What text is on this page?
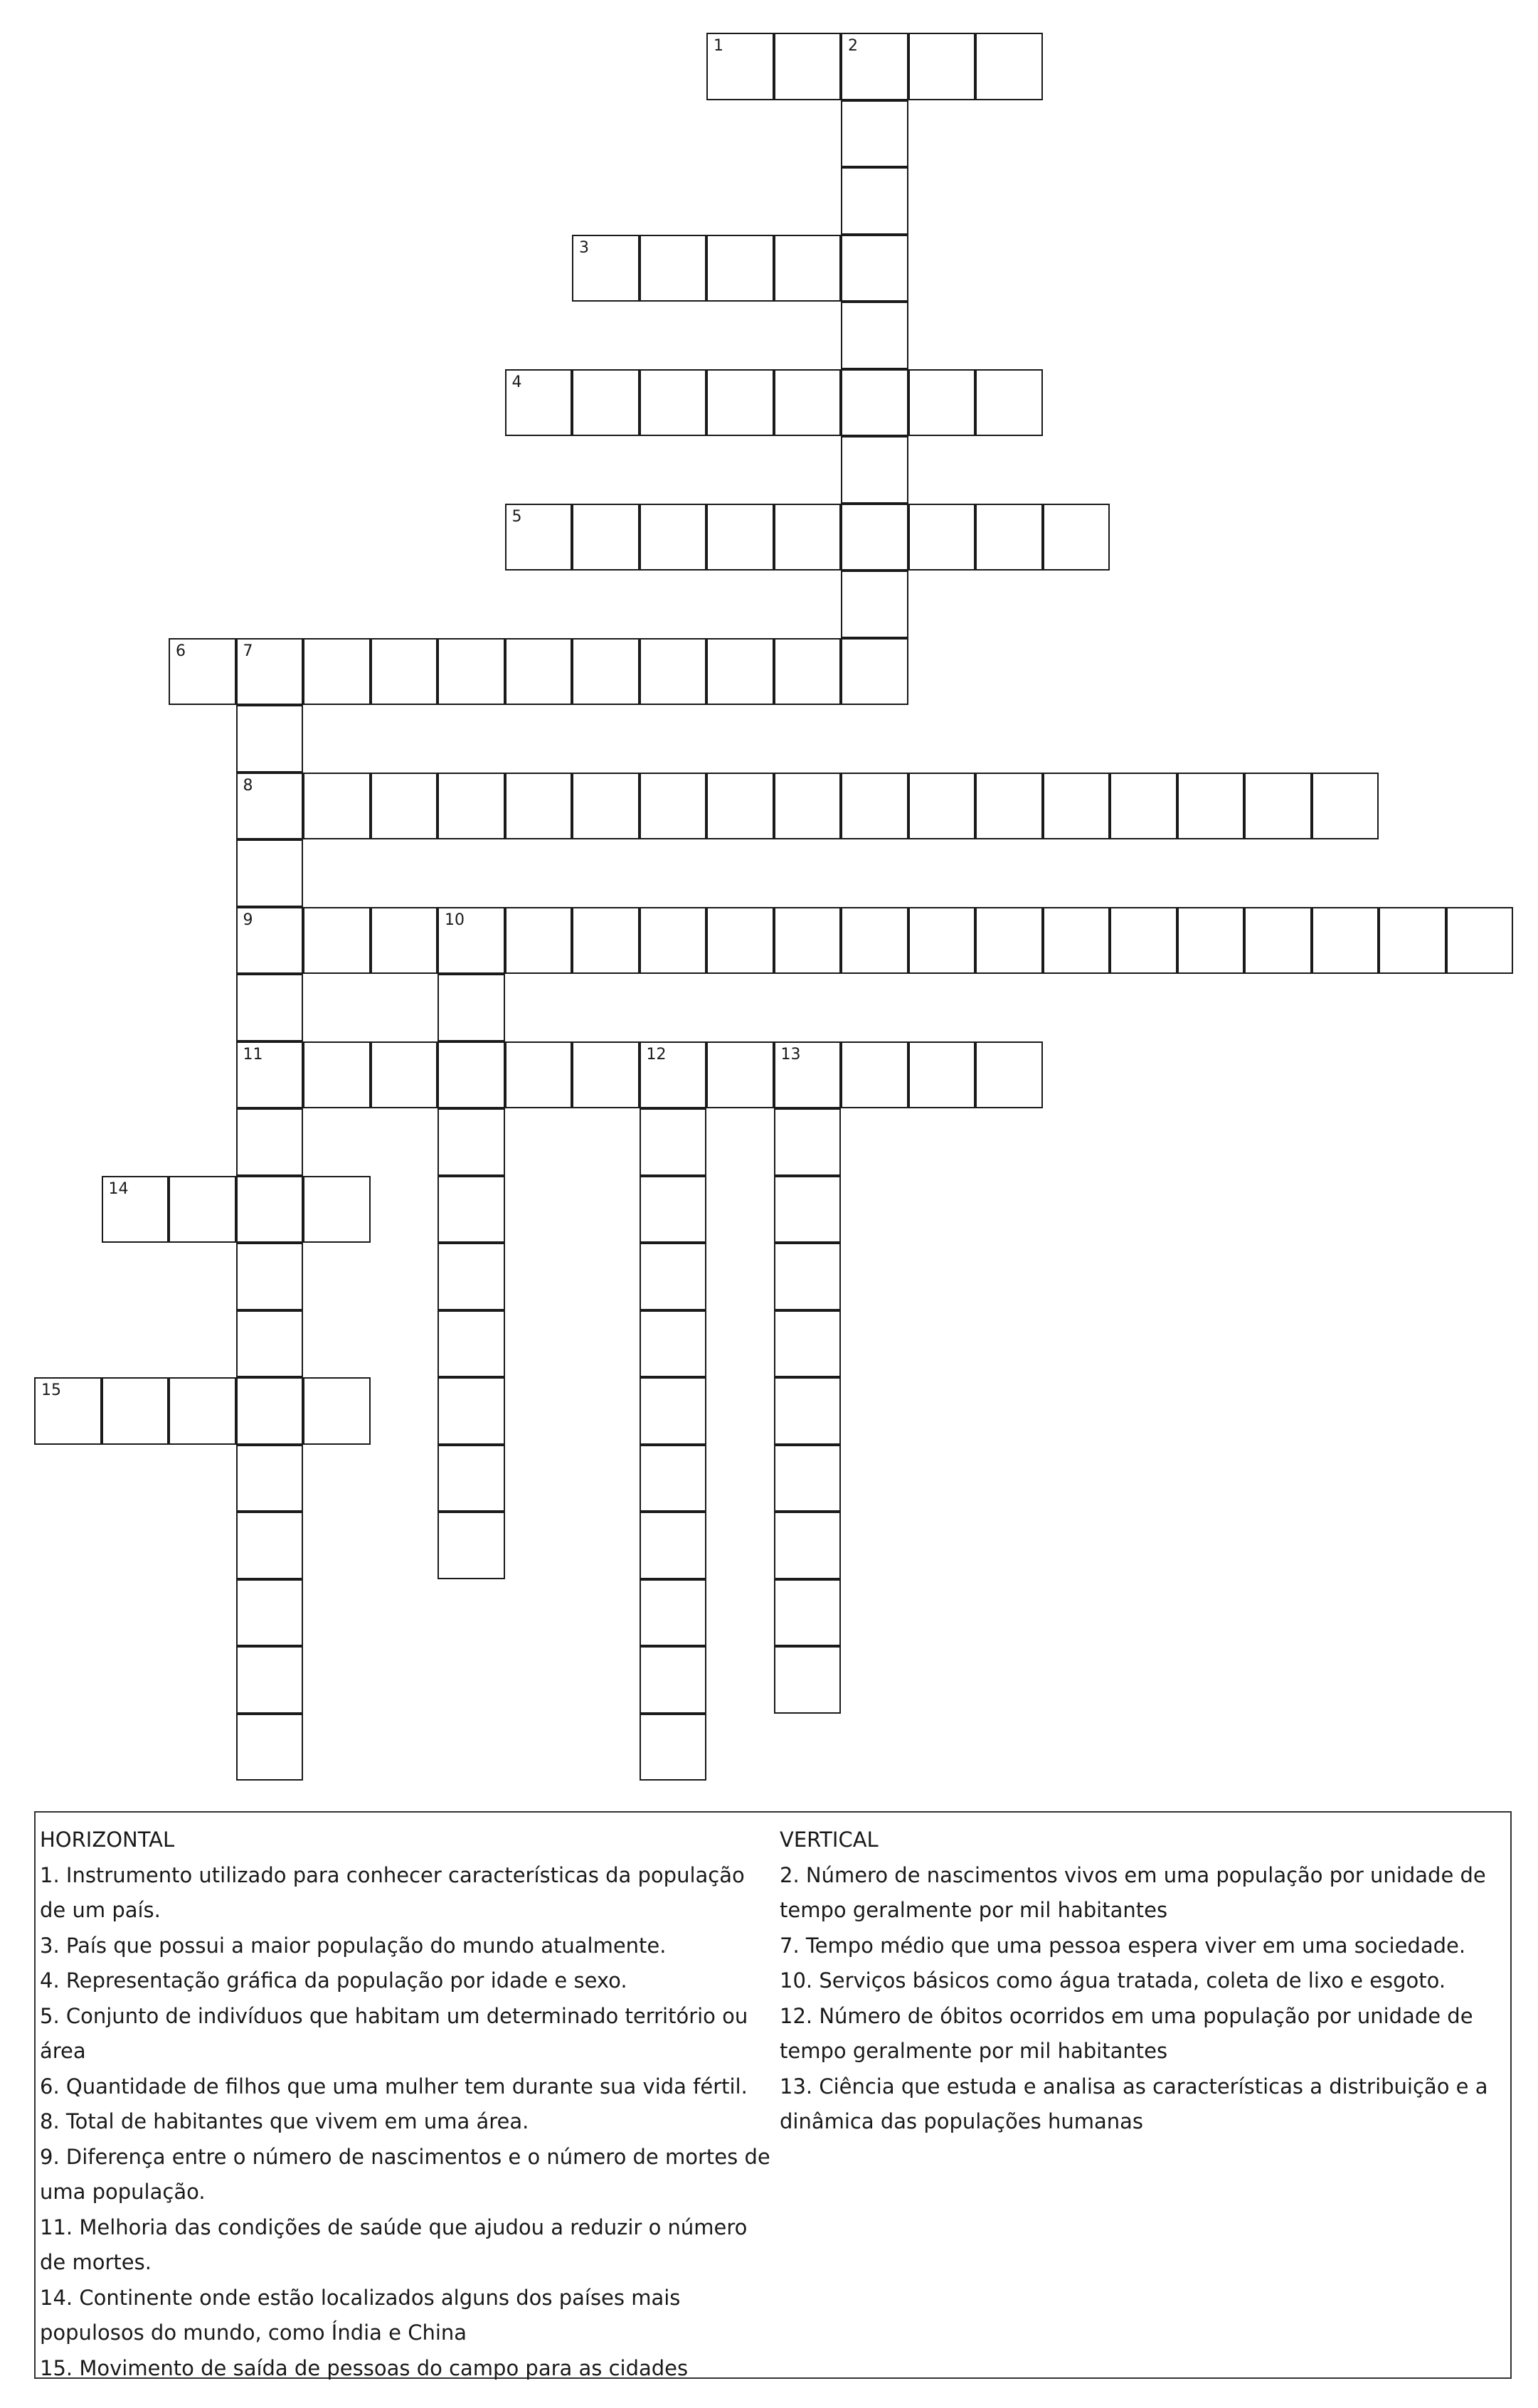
1	2
3
4
5
6	7
8
9
11
10
12	13
14
15
HORIZONTAL
1. Instrumento utilizado para conhecer características da população de um país.
3. País que possui a maior população do mundo atualmente.
4. Representação gráfica da população por idade e sexo.
5. Conjunto de indivíduos que habitam um determinado território ou área
6. Quantidade de filhos que uma mulher tem durante sua vida fértil.
8. Total de habitantes que vivem em uma área.
9. Diferença entre o número de nascimentos e o número de mortes de uma população.
11. Melhoria das condições de saúde que ajudou a reduzir o número de mortes.
14. Continente onde estão localizados alguns dos países mais populosos do mundo, como Índia e China
15. Movimento de saída de pessoas do campo para as cidades
VERTICAL
2. Número de nascimentos vivos em uma população por unidade de tempo geralmente por mil habitantes
7. Tempo médio que uma pessoa espera viver em uma sociedade.
10. Serviços básicos como água tratada, coleta de lixo e esgoto.
12. Número de óbitos ocorridos em uma população por unidade de tempo geralmente por mil habitantes
13. Ciência que estuda e analisa as características a distribuição e a dinâmica das populações humanas
